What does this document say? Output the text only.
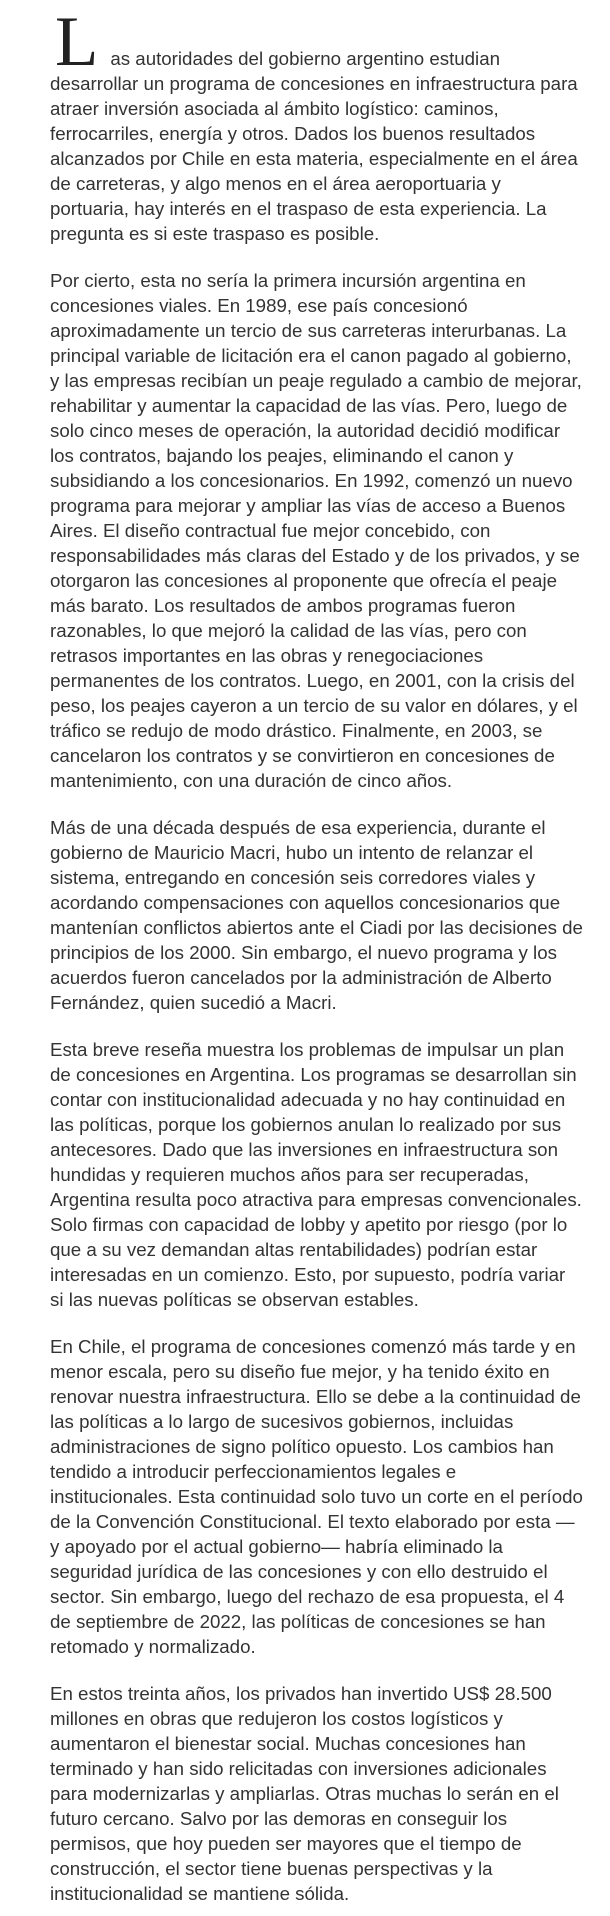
Las autoridades del gobierno argentino estudian desarrollar un programa de concesiones en infraestructura para atraer inversión asociada al ámbito logístico: caminos, ferrocarriles, energía y otros. Dados los buenos resultados alcanzados por Chile en esta materia, especialmente en el área de carreteras, y algo menos en el área aeroportuaria y portuaria, hay interés en el traspaso de esta experiencia. La pregunta es si este traspaso es posible.

Por cierto, esta no sería la primera incursión argentina en concesiones viales. En 1989, ese país concesionó aproximadamente un tercio de sus carreteras interurbanas. La principal variable de licitación era el canon pagado al gobierno, y las empresas recibían un peaje regulado a cambio de mejorar, rehabilitar y aumentar la capacidad de las vías. Pero, luego de solo cinco meses de operación, la autoridad decidió modificar los contratos, bajando los peajes, eliminando el canon y subsidiando a los concesionarios. En 1992, comenzó un nuevo programa para mejorar y ampliar las vías de acceso a Buenos Aires. El diseño contractual fue mejor concebido, con responsabilidades más claras del Estado y de los privados, y se otorgaron las concesiones al proponente que ofrecía el peaje más barato. Los resultados de ambos programas fueron razonables, lo que mejoró la calidad de las vías, pero con retrasos importantes en las obras y renegociaciones permanentes de los contratos. Luego, en 2001, con la crisis del peso, los peajes cayeron a un tercio de su valor en dólares, y el tráfico se redujo de modo drástico. Finalmente, en 2003, se cancelaron los contratos y se convirtieron en concesiones de mantenimiento, con una duración de cinco años.

Más de una década después de esa experiencia, durante el gobierno de Mauricio Macri, hubo un intento de relanzar el sistema, entregando en concesión seis corredores viales y acordando compensaciones con aquellos concesionarios que mantenían conflictos abiertos ante el Ciadi por las decisiones de principios de los 2000. Sin embargo, el nuevo programa y los acuerdos fueron cancelados por la administración de Alberto Fernández, quien sucedió a Macri.

Esta breve reseña muestra los problemas de impulsar un plan de concesiones en Argentina. Los programas se desarrollan sin contar con institucionalidad adecuada y no hay continuidad en las políticas, porque los gobiernos anulan lo realizado por sus antecesores. Dado que las inversiones en infraestructura son hundidas y requieren muchos años para ser recuperadas, Argentina resulta poco atractiva para empresas convencionales. Solo firmas con capacidad de lobby y apetito por riesgo (por lo que a su vez demandan altas rentabilidades) podrían estar interesadas en un comienzo. Esto, por supuesto, podría variar si las nuevas políticas se observan estables.

En Chile, el programa de concesiones comenzó más tarde y en menor escala, pero su diseño fue mejor, y ha tenido éxito en renovar nuestra infraestructura. Ello se debe a la continuidad de las políticas a lo largo de sucesivos gobiernos, incluidas administraciones de signo político opuesto. Los cambios han tendido a introducir perfeccionamientos legales e institucionales. Esta continuidad solo tuvo un corte en el período de la Convención Constitucional. El texto elaborado por esta —y apoyado por el actual gobierno— habría eliminado la seguridad jurídica de las concesiones y con ello destruido el sector. Sin embargo, luego del rechazo de esa propuesta, el 4 de septiembre de 2022, las políticas de concesiones se han retomado y normalizado.

En estos treinta años, los privados han invertido US$ 28.500 millones en obras que redujeron los costos logísticos y aumentaron el bienestar social. Muchas concesiones han terminado y han sido relicitadas con inversiones adicionales para modernizarlas y ampliarlas. Otras muchas lo serán en el futuro cercano. Salvo por las demoras en conseguir los permisos, que hoy pueden ser mayores que el tiempo de construcción, el sector tiene buenas perspectivas y la institucionalidad se mantiene sólida.
